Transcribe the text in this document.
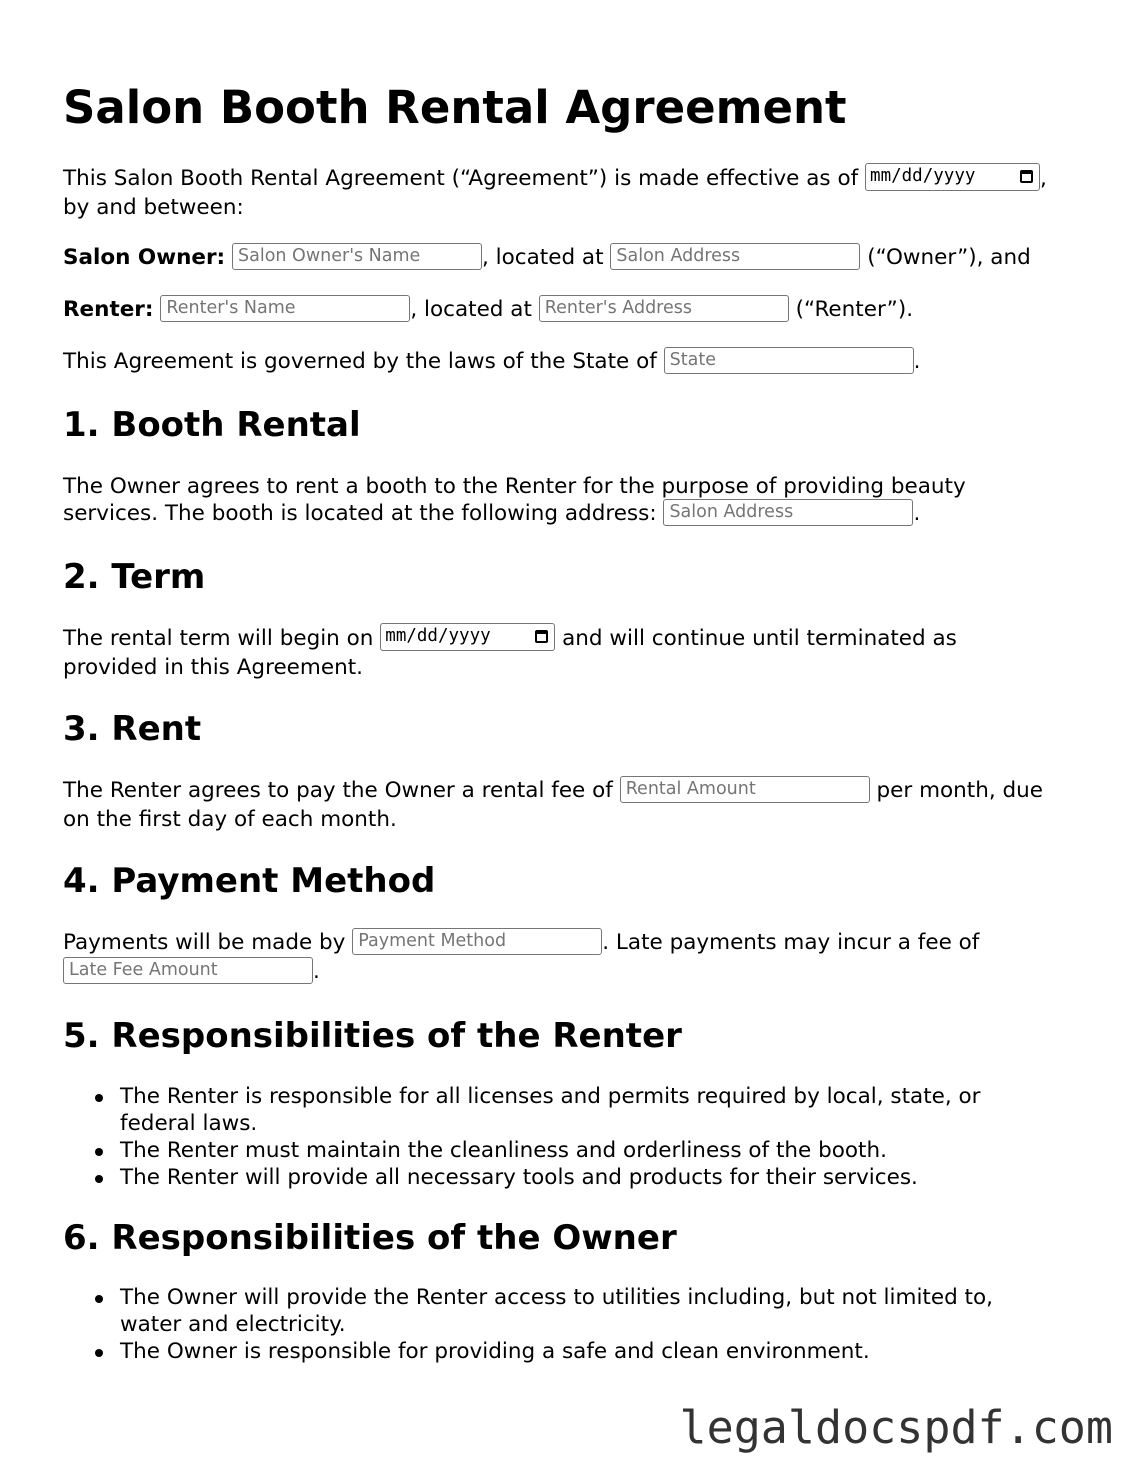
Salon Booth Rental Agreement
This Salon Booth Rental Agreement (“Agreement”) is made effective as of mm/dd/yyyy	,
by and between:
Salon Owner: Salon Owner's Name	, located at Salon Address	(“Owner”), and
Renter: Renter's Name	, located at Renter's Address	(“Renter”).
This Agreement is governed by the laws of the State of State	.
1. Booth Rental
The Owner agrees to rent a booth to the Renter for the purpose of providing beauty
services. The booth is located at the following address: Salon Address	.
2. Term
The rental term will begin on mm/dd/yyyy	and will continue until terminated as
provided in this Agreement.
3. Rent
The Renter agrees to pay the Owner a rental fee of Rental Amount	per month, due
on the first day of each month.
4. Payment Method
Payments will be made by Payment Method	. Late payments may incur a fee of
Late Fee Amount	.
5. Responsibilities of the Renter
The Renter is responsible for all licenses and permits required by local, state, or federal laws.
The Renter must maintain the cleanliness and orderliness of the booth.
The Renter will provide all necessary tools and products for their services.
6. Responsibilities of the Owner
The Owner will provide the Renter access to utilities including, but not limited to, water and electricity.
The Owner is responsible for providing a safe and clean environment.
legaldocspdf.com
